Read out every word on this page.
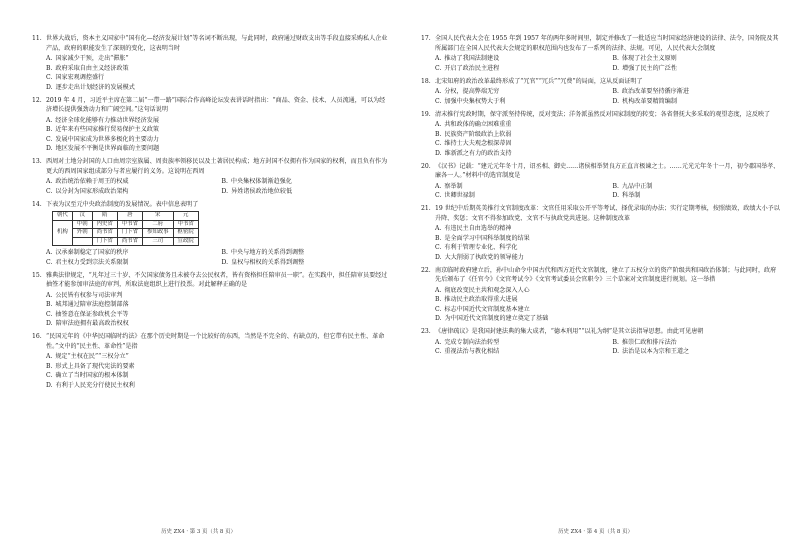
11. 世界大战后，资本主义国家中“国有化—经济发展计划”等名词不断出现，与此同时，政府通过财政支出等手段直接采购私人企业产品，政府的职能发生了深刻的变化，这表明当时
A. 国家减少干预，走出“滞胀”
B. 政府采取自由主义经济政策
C. 国家宏观调控盛行
D. 逐步走出计划经济的发展模式
12. 2019 年 4 月，习近平主席在第二届“一带一路”国际合作高峰论坛发表讲话时指出：“商品、资金、技术、人员流通，可以为经济增长提供强劲动力和广阔空间。”这句话说明
A. 经济全球化能够有力推动世界经济发展
B. 近年来有些国家推行贸易保护主义政策
C. 发展中国家成为世界多极化的主要动力
D. 地区发展不平衡是世界面临的主要问题
13. 西周对土地分封国的人口由周宗室族属、周贵族率领移民以及土著居民构成；地方封国不仅拥有作为国家的权利，而且负有作为更大的西周国家组成部分与者应履行的义务。这说明在西周
A. 政治统治依赖于周王的权威	B. 中央集权体制渐趋强化
C. 以分封为国家形成政治架构	D. 异姓诸侯政治地位较低
14. 下表为汉至元中央政治制度的发展情况。表中信息表明了
朝代	汉	隋	唐	宋	元
机构	中朝	内史省	中书省	二府	中书省
	外朝	尚书省	门下省	参知政事	枢密院
		门下省	尚书省	三司	宣政院
A. 汉承秦制稳定了国家的秩序	B. 中央与地方的关系得到调整
C. 君主权力受到宗法关系限制	D. 皇权与相权的关系得到调整
15. 雅典法律规定，“凡年过三十岁、不欠国家债务且未被夺去公民权者，皆有资格担任陪审员一职”。在实践中，担任陪审员要经过抽签才能参加审法庭的审判，所取法庭组织上进行投票。对此解释正确的是
A. 公民皆有权参与司法审判
B. 城邦通过陪审法庭控制部落
C. 抽签意在保证参政机会平等
D. 陪审法庭拥有最高政治权权
16. “民国元年的《中华民国临时约法》在那个历史时期是一个比较好的东西，当然是不完全的、有缺点的，但它带有民主性、革命性。”文中的“民主性、革命性”是指
A. 规定“主权在民”“三权分立”
B. 形式上具备了现代宪法的要素
C. 确立了当时国家的根本体制
D. 有利于人民充分行使民主权利
历史 ZX4 · 第 3 页（共 8 页）
17. 全国人民代表大会在 1955 年到 1957 年的两年多时间里，制定并修改了一批适应当时国家经济建设的法律、法令，国务院及其所属部门在全国人民代表大会规定的职权范围内也发布了一系列的法律、法规。可见，人民代表大会制度
A. 推动了我国法制建设	B. 体现了社会主义原则
C. 开启了政治民主进程	D. 增强了民主的广泛性
18. 北宋知府的政治改革最终形成了“冗官”“冗兵”“冗费”的局面，这从反面证明了
A. 分权，提高弊端无穷	B. 政治改革要坚持循序渐进
C. 加强中央集权势大于利	D. 机构改革要精简编制
19. 清末推行宪政时期，保守派坚持传统，反对变法；洋务派虽然反对国家制度的转变；各省督抚大多采取的观望态度，这反映了
A. 共和政体的确立困难重重
B. 民族资产阶级政治上软弱
C. 维持士大夫观念根深蒂固
D. 维新派之有力的政治支持
20. 《汉书》记载：“建元元年冬十月，诏丞相、御史……诸侯相举贤良方正直言极谏之士。……元光元年冬十一月，初令郡国举孝、廉各一人。”材料中的选官制度是
A. 察举制	B. 九品中正制
C. 世卿世禄制	D. 科举制
21. 19 世纪中后期英美推行文官制度改革：文官任用采取公开平等考试、择优录取的办法；实行定期考核，按照绩效，政绩大小予以升降、奖惩；文官不得参加政党、文官不与执政党共进退。这种制度改革
A. 有违民主自由选举的精神
B. 是全面学习中国科举制度的结果
C. 有利于管理专业化、科学化
D. 大大削弱了执政党的领导能力
22. 南京临时政府建立后，孙中山命令中国古代和西方近代文官制度，建立了五权分立的资产阶级共和国政治体制；与此同时，政府先后颁布了《任官令》《文官考试令》《文官考试委员会官职令》三个草案对文官制度进行规划。这一举措
A. 彻底改变民主共和观念深入人心
B. 推动民主政治取得重大进展
C. 标志中国近代文官制度基本建立
D. 为中国近代文官制度的建立奠定了基础
23. 《唐律疏议》是我国封建法典的集大成者，“德本刑用”“以礼为纲”是其立法指导思想。由此可见唐朝
A. 完成专制向法治转型	B. 推崇仁政和排斥法治
C. 重视法治与教化相结	D. 法治是以本为宗和王道之
历史 ZX4 · 第 4 页（共 8 页）
